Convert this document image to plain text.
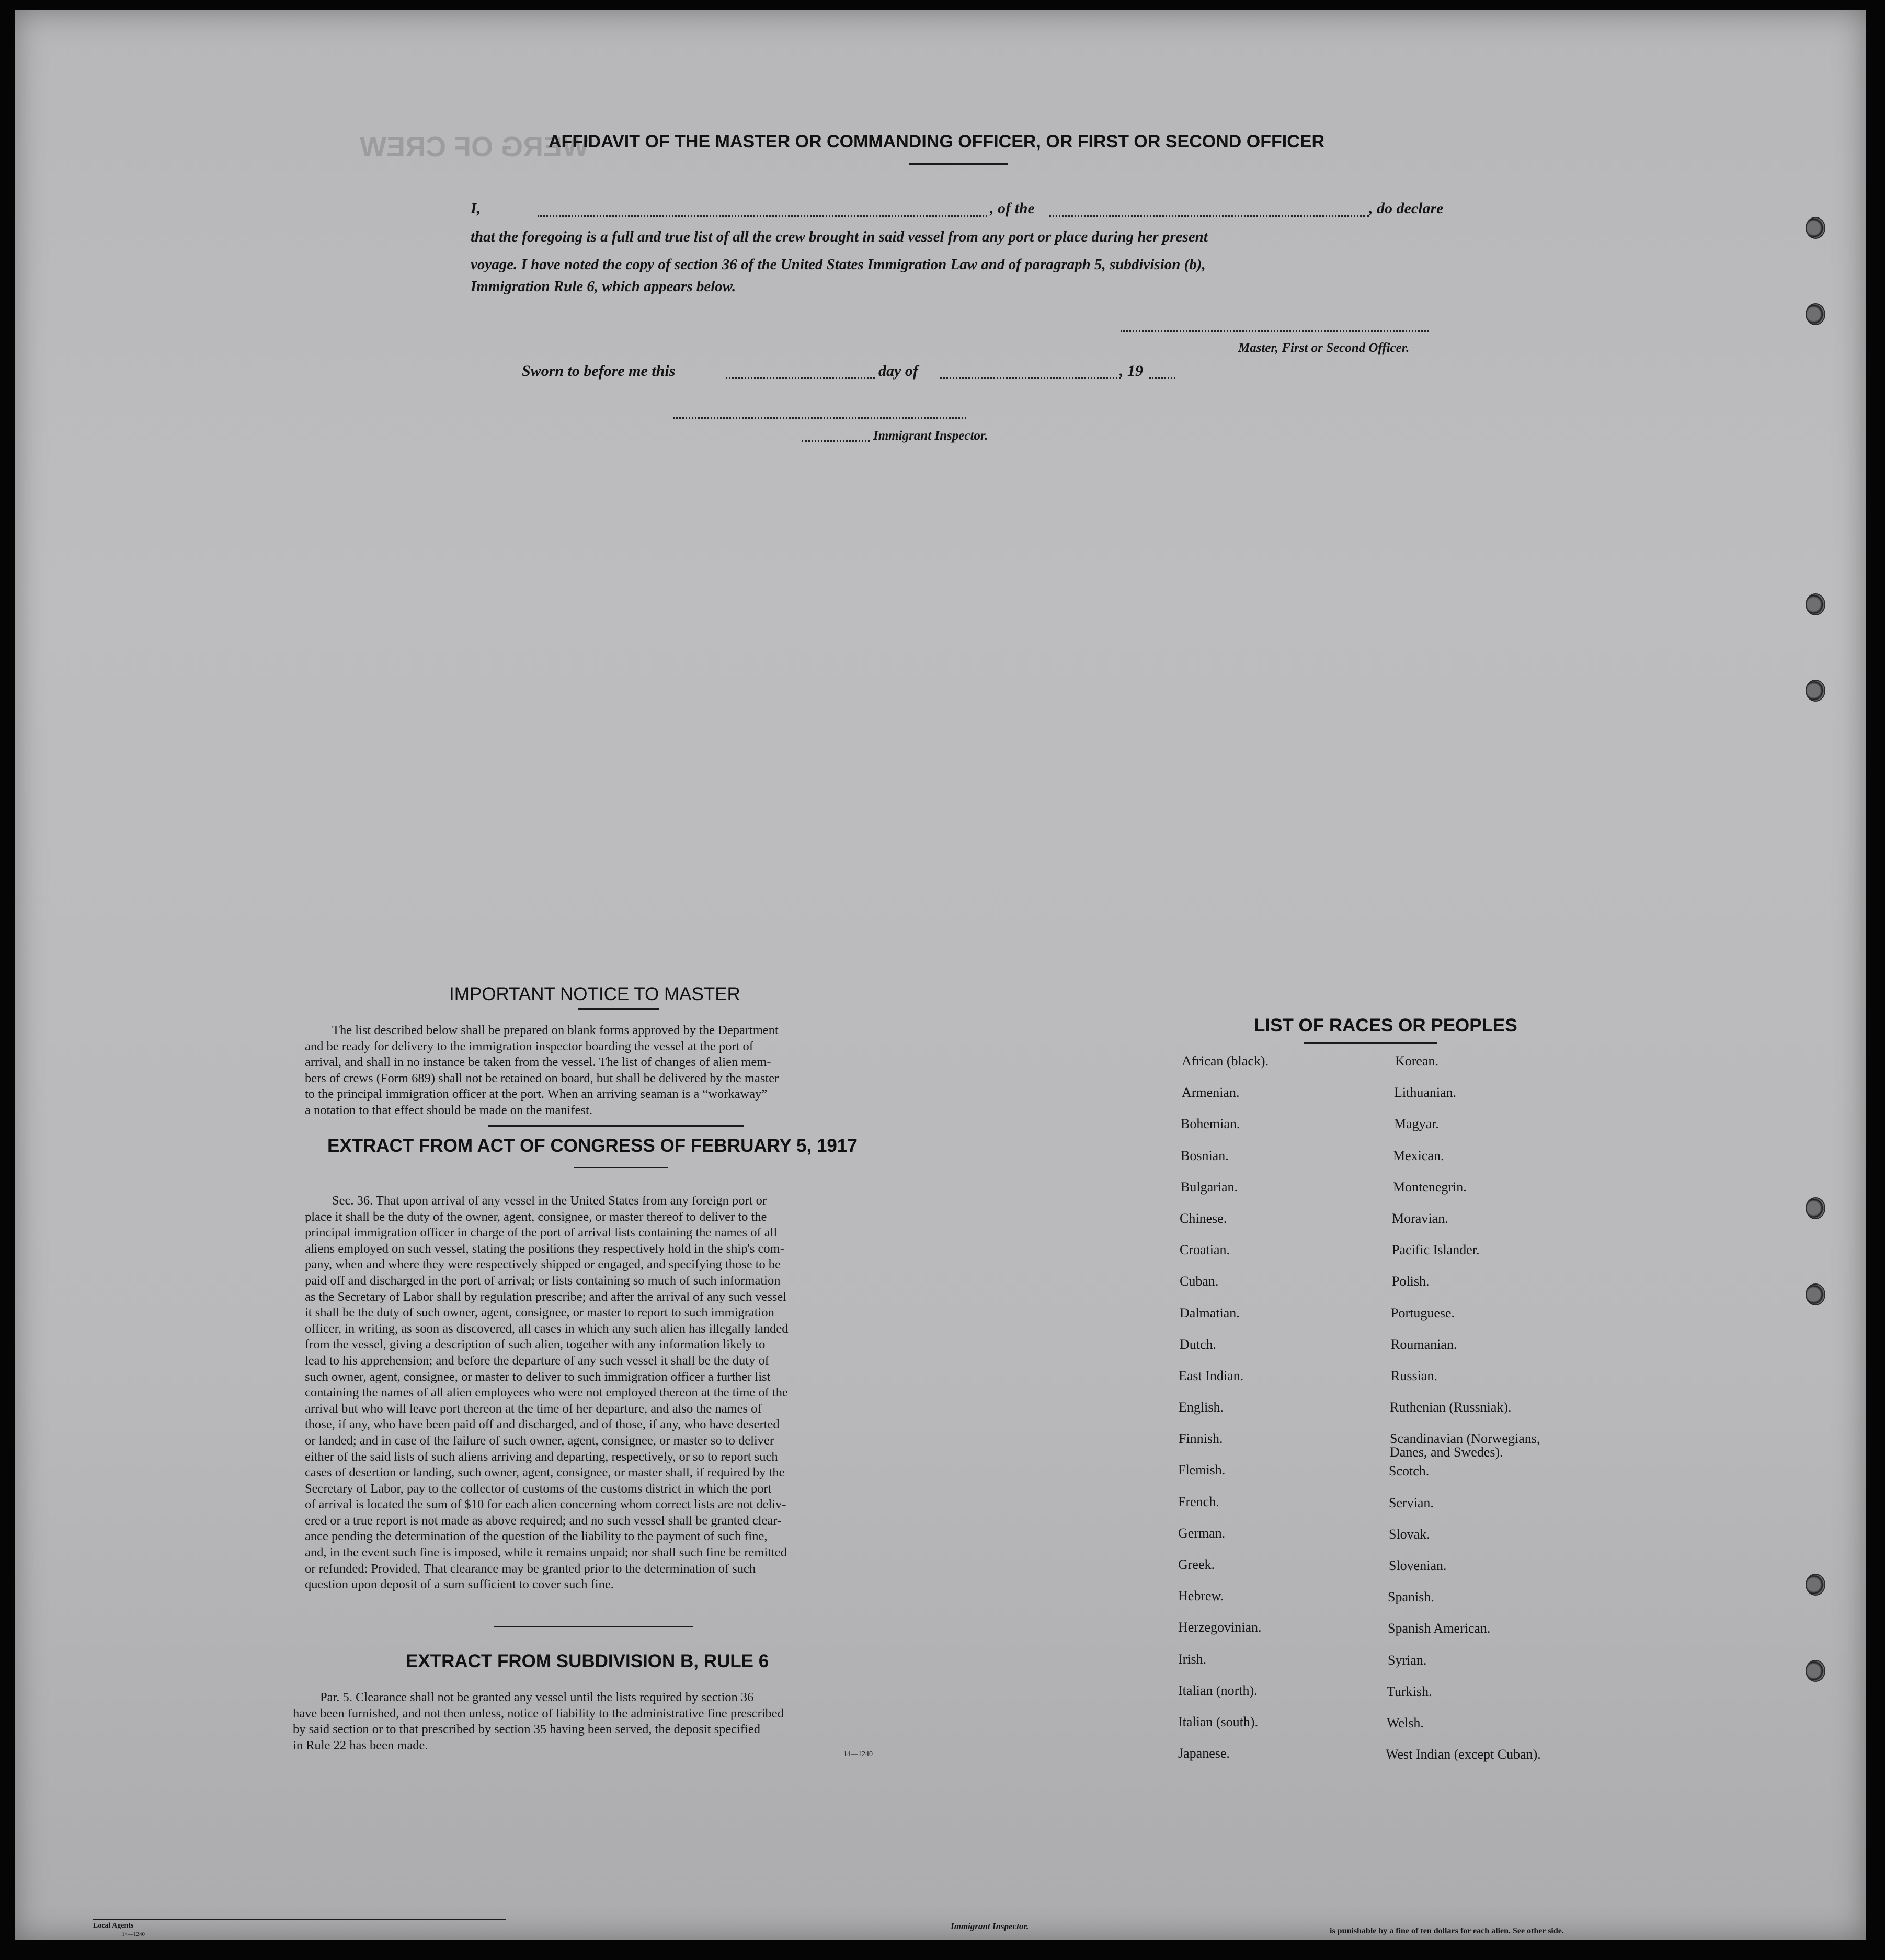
WERG OF CREW
AFFIDAVIT OF THE MASTER OR COMMANDING OFFICER, OR FIRST OR SECOND OFFICER
I,	, of the	, do declare
that the foregoing is a full and true list of all the crew brought in said vessel from any port or place during her present
voyage. I have noted the copy of section 36 of the United States Immigration Law and of paragraph 5, subdivision (b),
Immigration Rule 6, which appears below.
Master, First or Second Officer.
Sworn to before me this	day of	, 19
Immigrant Inspector.
IMPORTANT NOTICE TO MASTER
The list described below shall be prepared on blank forms approved by the Department
and be ready for delivery to the immigration inspector boarding the vessel at the port of
arrival, and shall in no instance be taken from the vessel. The list of changes of alien mem-
bers of crews (Form 689) shall not be retained on board, but shall be delivered by the master
to the principal immigration officer at the port. When an arriving seaman is a “workaway”
a notation to that effect should be made on the manifest.
EXTRACT FROM ACT OF CONGRESS OF FEBRUARY 5, 1917
Sec. 36. That upon arrival of any vessel in the United States from any foreign port or
place it shall be the duty of the owner, agent, consignee, or master thereof to deliver to the
principal immigration officer in charge of the port of arrival lists containing the names of all
aliens employed on such vessel, stating the positions they respectively hold in the ship's com-
pany, when and where they were respectively shipped or engaged, and specifying those to be
paid off and discharged in the port of arrival; or lists containing so much of such information
as the Secretary of Labor shall by regulation prescribe; and after the arrival of any such vessel
it shall be the duty of such owner, agent, consignee, or master to report to such immigration
officer, in writing, as soon as discovered, all cases in which any such alien has illegally landed
from the vessel, giving a description of such alien, together with any information likely to
lead to his apprehension; and before the departure of any such vessel it shall be the duty of
such owner, agent, consignee, or master to deliver to such immigration officer a further list
containing the names of all alien employees who were not employed thereon at the time of the
arrival but who will leave port thereon at the time of her departure, and also the names of
those, if any, who have been paid off and discharged, and of those, if any, who have deserted
or landed; and in case of the failure of such owner, agent, consignee, or master so to deliver
either of the said lists of such aliens arriving and departing, respectively, or so to report such
cases of desertion or landing, such owner, agent, consignee, or master shall, if required by the
Secretary of Labor, pay to the collector of customs of the customs district in which the port
of arrival is located the sum of $10 for each alien concerning whom correct lists are not deliv-
ered or a true report is not made as above required; and no such vessel shall be granted clear-
ance pending the determination of the question of the liability to the payment of such fine,
and, in the event such fine is imposed, while it remains unpaid; nor shall such fine be remitted
or refunded: Provided, That clearance may be granted prior to the determination of such
question upon deposit of a sum sufficient to cover such fine.
EXTRACT FROM SUBDIVISION B, RULE 6
Par. 5. Clearance shall not be granted any vessel until the lists required by section 36
have been furnished, and not then unless, notice of liability to the administrative fine prescribed
by said section or to that prescribed by section 35 having been served, the deposit specified
in Rule 22 has been made.
14—1240
LIST OF RACES OR PEOPLES
African (black).
Armenian.
Bohemian.
Bosnian.
Bulgarian.
Chinese.
Croatian.
Cuban.
Dalmatian.
Dutch.
East Indian.
English.
Finnish.
Flemish.
French.
German.
Greek.
Hebrew.
Herzegovinian.
Irish.
Italian (north).
Italian (south).
Japanese.
Korean.
Lithuanian.
Magyar.
Mexican.
Montenegrin.
Moravian.
Pacific Islander.
Polish.
Portuguese.
Roumanian.
Russian.
Ruthenian (Russniak).
Scandinavian (Norwegians,
Danes, and Swedes).
Scotch.
Servian.
Slovak.
Slovenian.
Spanish.
Spanish American.
Syrian.
Turkish.
Welsh.
West Indian (except Cuban).
Local Agents
14—1240
Immigrant Inspector.	is punishable by a fine of ten dollars for each alien. See other side.
